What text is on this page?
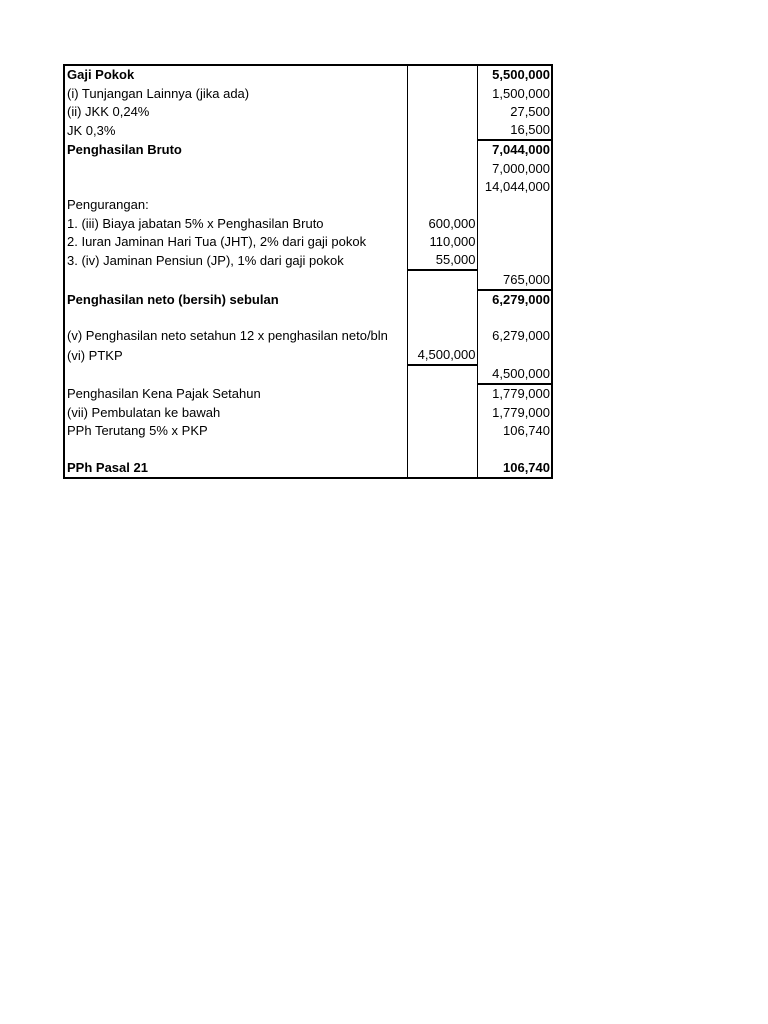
Gaji Pokok		5,500,000
(i) Tunjangan Lainnya (jika ada)		1,500,000
(ii) JKK 0,24%		27,500
JK 0,3%		16,500
Penghasilan Bruto		7,044,000
		7,000,000
		14,044,000
Pengurangan:		
1. (iii) Biaya jabatan 5% x Penghasilan Bruto	600,000	
2. Iuran Jaminan Hari Tua (JHT), 2% dari gaji pokok	110,000	
3. (iv) Jaminan Pensiun (JP), 1% dari gaji pokok	55,000	
		765,000
Penghasilan neto (bersih) sebulan		6,279,000

(v) Penghasilan neto setahun 12 x penghasilan neto/bln		6,279,000
(vi) PTKP	4,500,000	
		4,500,000
Penghasilan Kena Pajak Setahun		1,779,000
(vii) Pembulatan ke bawah		1,779,000
PPh Terutang 5% x PKP		106,740

PPh Pasal 21		106,740
